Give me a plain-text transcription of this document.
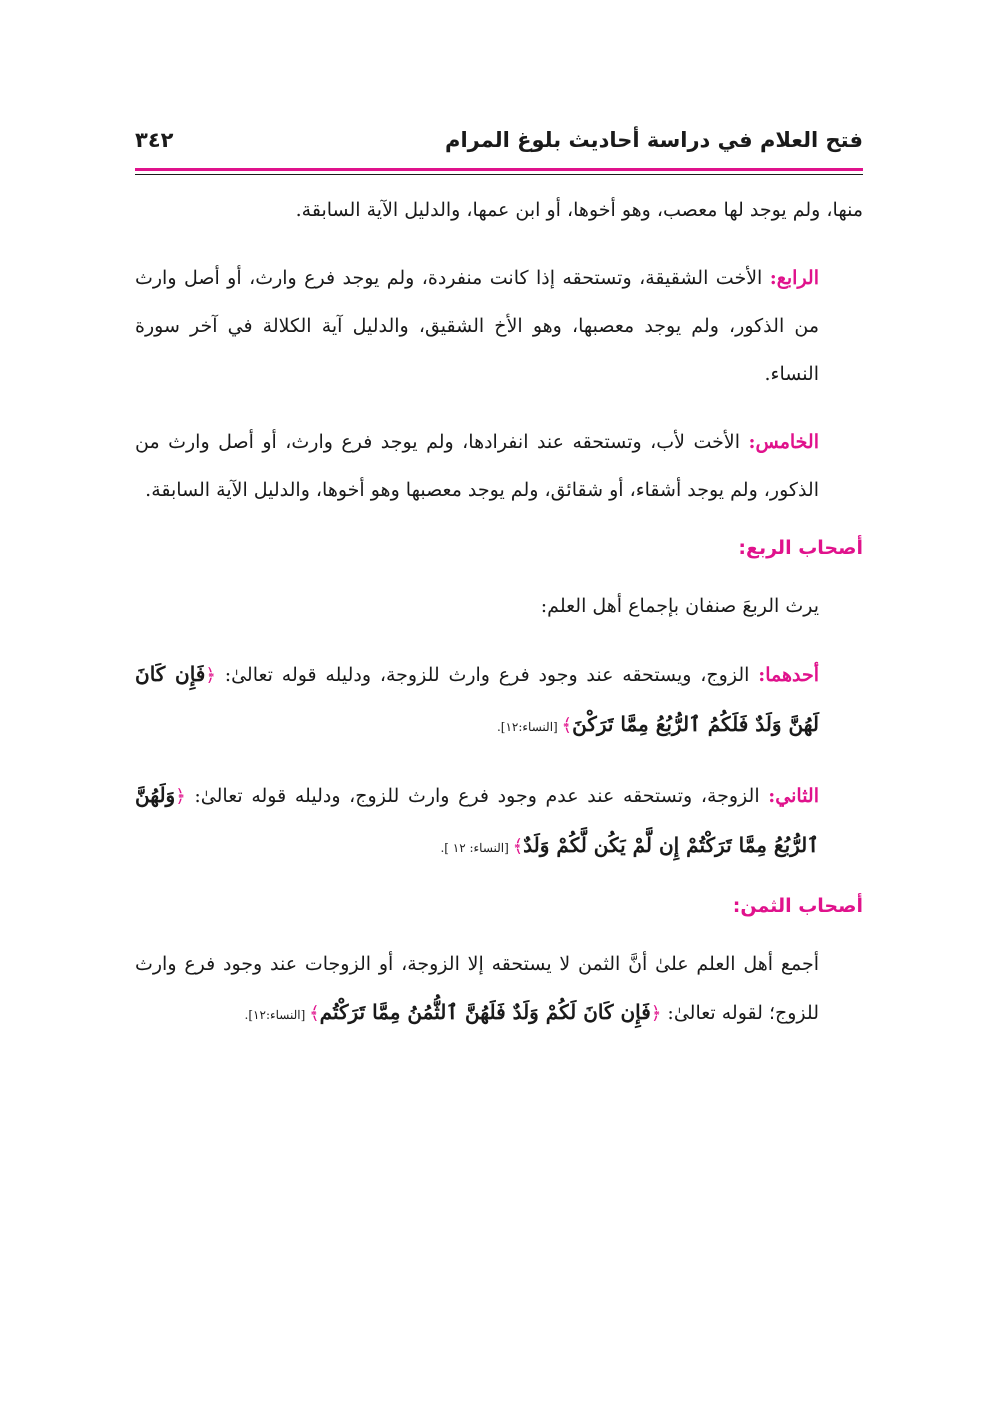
فتح العلام في دراسة أحاديث بلوغ المرام
٣٤٢

منها، ولم يوجد لها معصب، وهو أخوها، أو ابن عمها، والدليل الآية السابقة.

الرابع: الأخت الشقيقة، وتستحقه إذا كانت منفردة، ولم يوجد فرع وارث، أو أصل وارث من الذكور، ولم يوجد معصبها، وهو الأخ الشقيق، والدليل آية الكلالة في آخر سورة النساء.

الخامس: الأخت لأب، وتستحقه عند انفرادها، ولم يوجد فرع وارث، أو أصل وارث من الذكور، ولم يوجد أشقاء، أو شقائق، ولم يوجد معصبها وهو أخوها، والدليل الآية السابقة.

أصحاب الربع:

يرث الربعَ صنفان بإجماع أهل العلم:

أحدهما: الزوج، ويستحقه عند وجود فرع وارث للزوجة، ودليله قوله تعالىٰ: ﴿فَإِن كَانَ لَهُنَّ وَلَدٌ فَلَكُمُ ٱلرُّبُعُ مِمَّا تَرَكْنَ﴾ [النساء:١٢].

الثاني: الزوجة، وتستحقه عند عدم وجود فرع وارث للزوج، ودليله قوله تعالىٰ: ﴿وَلَهُنَّ ٱلرُّبُعُ مِمَّا تَرَكْتُمْ إِن لَّمْ يَكُن لَّكُمْ وَلَدٌ﴾ [النساء: ١٢ ].

أصحاب الثمن:

أجمع أهل العلم علىٰ أنَّ الثمن لا يستحقه إلا الزوجة، أو الزوجات عند وجود فرع وارث للزوج؛ لقوله تعالىٰ: ﴿فَإِن كَانَ لَكُمْ وَلَدٌ فَلَهُنَّ ٱلثُّمُنُ مِمَّا تَرَكْتُم﴾ [النساء:١٢].
